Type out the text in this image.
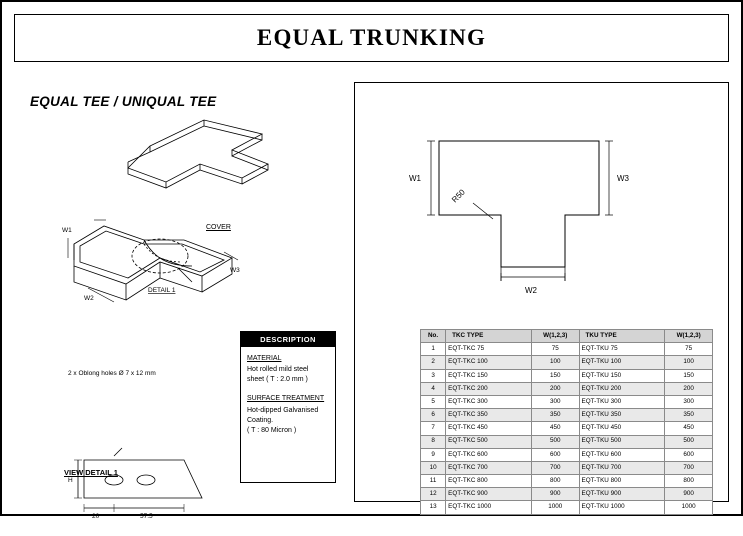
EQUAL TRUNKING
EQUAL TEE / UNIQUAL TEE
COVER
W1
W2
W3
DETAIL 1
H
20	57.5
2 x Oblong holes Ø 7 x 12 mm
VIEW DETAIL 1
DESCRIPTION
MATERIAL
Hot rolled mild steel
sheet ( T : 2.0 mm )
SURFACE TREATMENT
Hot-dipped Galvanised
Coating.
( T : 80 Micron )
W1	W3
W2
R50
No.	TKC TYPE	W(1,2,3)	TKU TYPE	W(1,2,3)
1	EQT-TKC 75	75	EQT-TKU 75	75
2	EQT-TKC 100	100	EQT-TKU 100	100
3	EQT-TKC 150	150	EQT-TKU 150	150
4	EQT-TKC 200	200	EQT-TKU 200	200
5	EQT-TKC 300	300	EQT-TKU 300	300
6	EQT-TKC 350	350	EQT-TKU 350	350
7	EQT-TKC 450	450	EQT-TKU 450	450
8	EQT-TKC 500	500	EQT-TKU 500	500
9	EQT-TKC 600	600	EQT-TKU 600	600
10	EQT-TKC 700	700	EQT-TKU 700	700
11	EQT-TKC 800	800	EQT-TKU 800	800
12	EQT-TKC 900	900	EQT-TKU 900	900
13	EQT-TKC 1000	1000	EQT-TKU 1000	1000
